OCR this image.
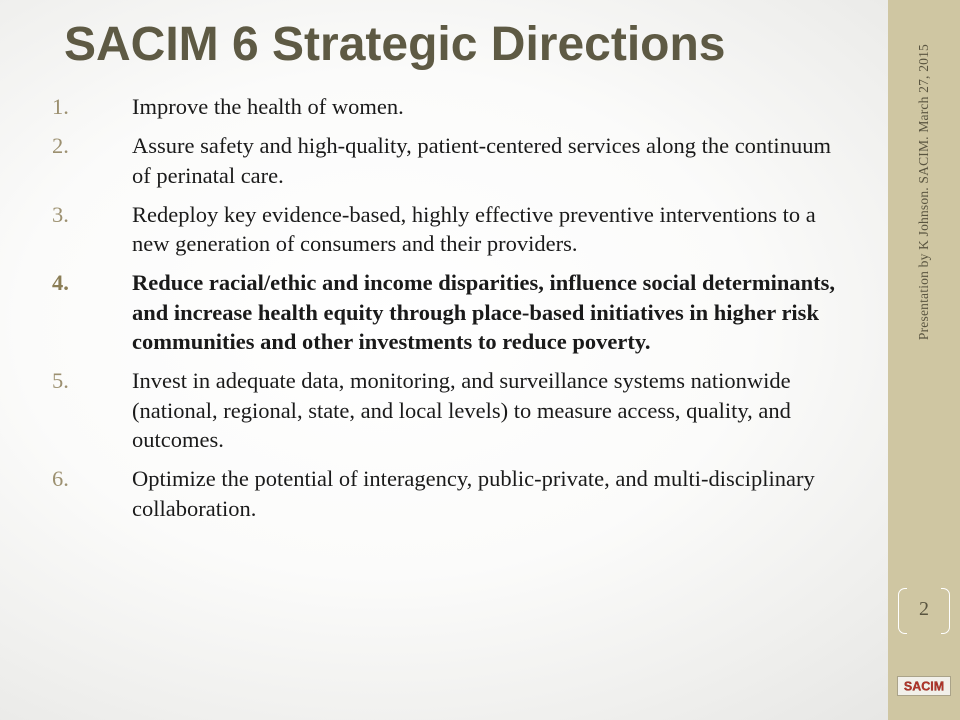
SACIM 6 Strategic Directions
1.	Improve the health of women.
2.	Assure safety and high-quality, patient-centered services along the continuum of perinatal care.
3.	Redeploy key evidence-based, highly effective preventive interventions to a new generation of consumers and their providers.
4.	Reduce racial/ethic and income disparities, influence social determinants, and increase health equity through place-based initiatives in higher risk communities and other investments to reduce poverty.
5.	Invest in adequate data, monitoring, and surveillance systems nationwide (national, regional, state, and local levels) to measure access, quality, and outcomes.
6.	Optimize the potential of interagency, public-private, and multi-disciplinary collaboration.
Presentation by K Johnson. SACIM. March 27, 2015
2
SACIM
